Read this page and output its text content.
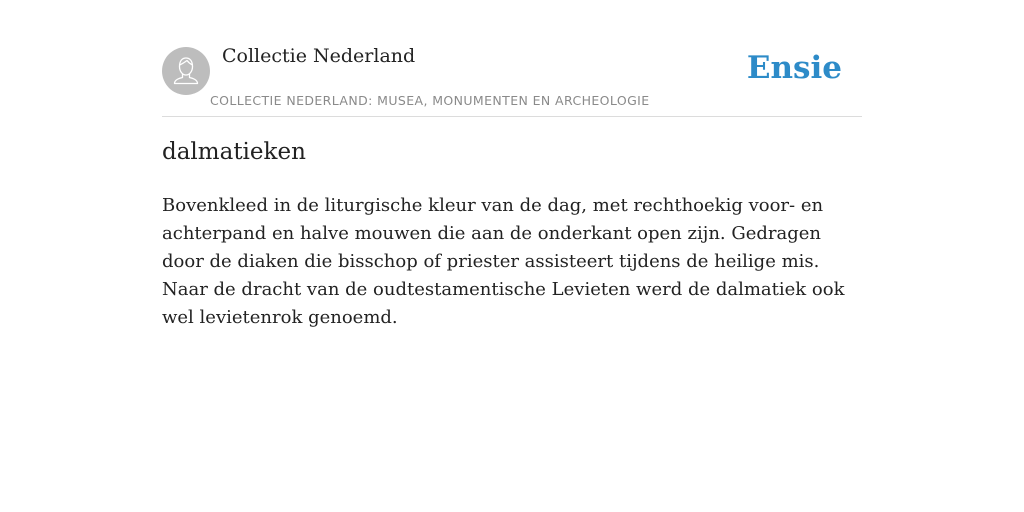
Collectie Nederland
COLLECTIE NEDERLAND: MUSEA, MONUMENTEN EN ARCHEOLOGIE
Ensie
dalmatieken

Bovenkleed in de liturgische kleur van de dag, met rechthoekig voor- en achterpand en halve mouwen die aan de onderkant open zijn. Gedragen door de diaken die bisschop of priester assisteert tijdens de heilige mis. Naar de dracht van de oudtestamentische Levieten werd de dalmatiek ook wel levietenrok genoemd.
